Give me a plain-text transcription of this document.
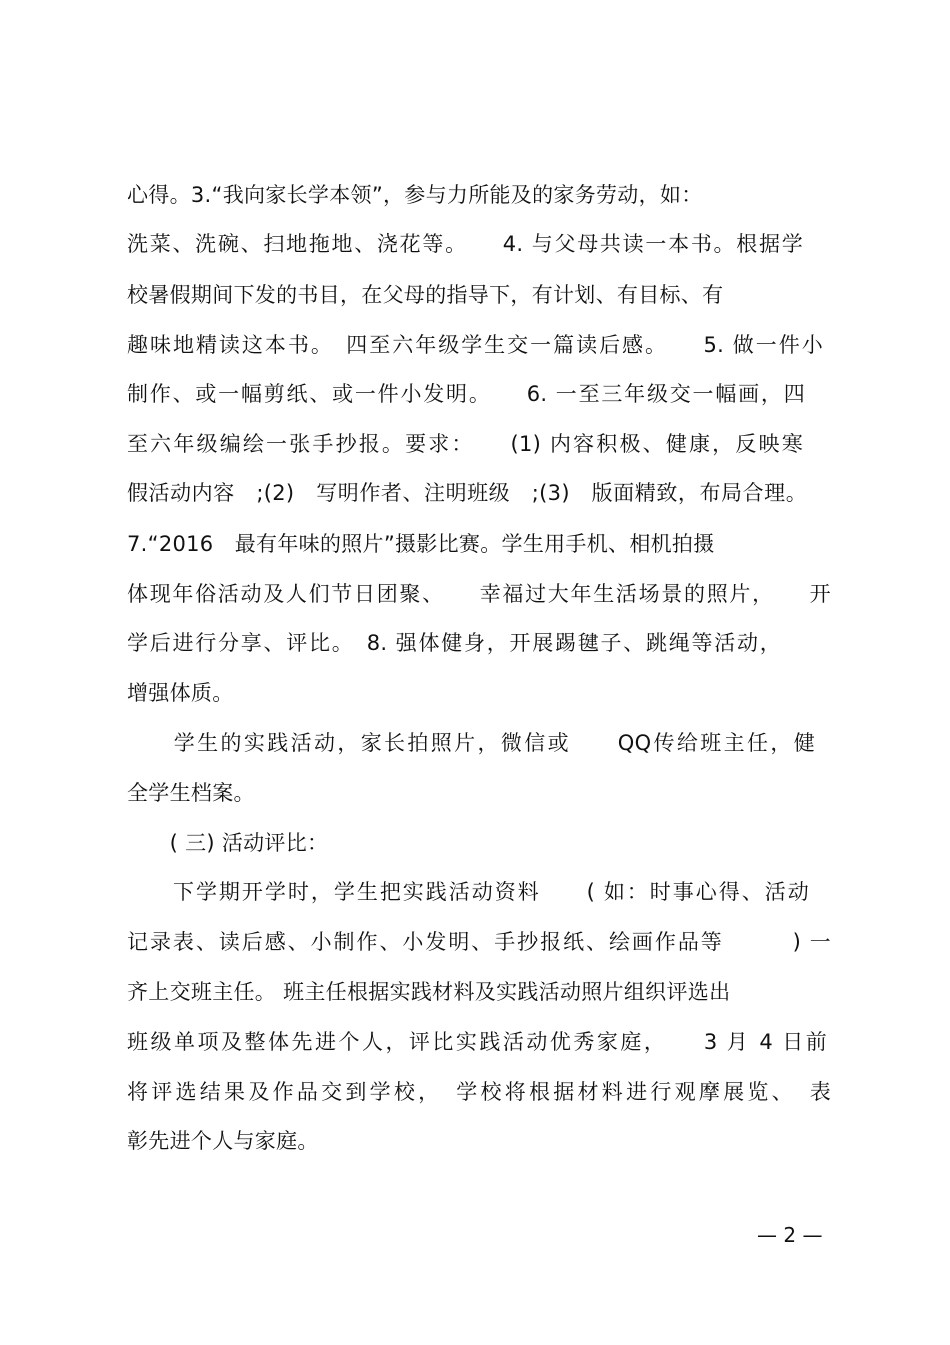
心得。3.“我向家长学本领”，参与力所能及的家务劳动，如：
洗菜、洗碗、扫地拖地、浇花等。　　4. 与父母共读一本书。根据学
校暑假期间下发的书目，在父母的指导下，有计划、有目标、有
趣味地精读这本书。　四至六年级学生交一篇读后感。　　5. 做一件小
制作、或一幅剪纸、或一件小发明。　　6. 一至三年级交一幅画，四
至六年级编绘一张手抄报。要求：　　(1) 内容积极、健康，反映寒
假活动内容　;(2)　写明作者、注明班级　;(3)　版面精致，布局合理。
7.“2016　最有年味的照片”摄影比赛。学生用手机、相机拍摄
体现年俗活动及人们节日团聚、　　幸福过大年生活场景的照片，　　开
学后进行分享、评比。　8. 强体健身，开展踢毽子、跳绳等活动，
增强体质。
　　学生的实践活动，家长拍照片，微信或　　QQ传给班主任，健
全学生档案。
　　( 三) 活动评比：
　　下学期开学时，学生把实践活动资料　　( 如：时事心得、活动
记录表、读后感、小制作、小发明、手抄报纸、绘画作品等　　　) 一
齐上交班主任。 班主任根据实践材料及实践活动照片组织评选出
班级单项及整体先进个人，评比实践活动优秀家庭，　　3 月 4 日前
将评选结果及作品交到学校，　学校将根据材料进行观摩展览、　表
彰先进个人与家庭。
— 2 —
